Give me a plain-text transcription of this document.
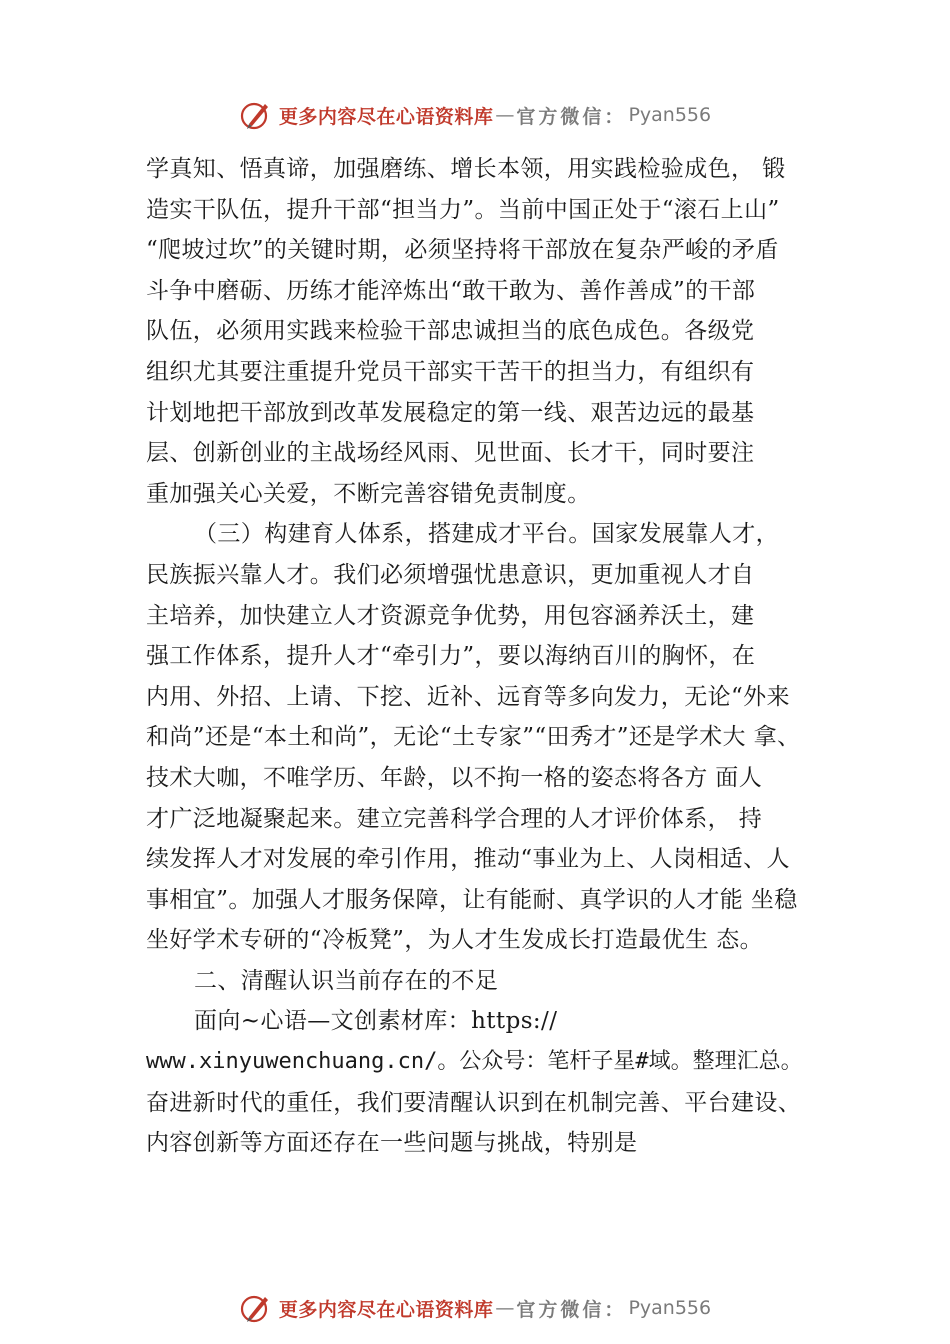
更多内容尽在心语资料库 — 官方微信： Pyan556
学真知、悟真谛，加强磨练、增长本领，用实践检验成色， 锻
造实干队伍，提升干部“担当力”。当前中国正处于“滚石上山”
“爬坡过坎”的关键时期，必须坚持将干部放在复杂严峻的矛盾
斗争中磨砺、历练才能淬炼出“敢干敢为、善作善成”的干部
队伍，必须用实践来检验干部忠诚担当的底色成色。各级党
组织尤其要注重提升党员干部实干苦干的担当力，有组织有
计划地把干部放到改革发展稳定的第一线、艰苦边远的最基
层、创新创业的主战场经风雨、见世面、长才干，同时要注
重加强关心关爱，不断完善容错免责制度。
（三）构建育人体系，搭建成才平台。国家发展靠人才，
民族振兴靠人才。我们必须增强忧患意识，更加重视人才自
主培养，加快建立人才资源竞争优势，用包容涵养沃土，建
强工作体系，提升人才“牵引力”，要以海纳百川的胸怀，在
内用、外招、上请、下挖、近补、远育等多向发力，无论“外来
和尚”还是“本土和尚”，无论“土专家”“田秀才”还是学术大 拿、
技术大咖，不唯学历、年龄，以不拘一格的姿态将各方 面人
才广泛地凝聚起来。建立完善科学合理的人才评价体系， 持
续发挥人才对发展的牵引作用，推动“事业为上、人岗相适、人
事相宜”。加强人才服务保障，让有能耐、真学识的人才能 坐稳
坐好学术专研的“冷板凳”，为人才生发成长打造最优生 态。
二、清醒认识当前存在的不足
面向~心语—文创素材库：https://
www.xinyuwenchuang.cn/。公众号：笔杆子星#域。整理汇总。
奋进新时代的重任，我们要清醒认识到在机制完善、平台建设、
内容创新等方面还存在一些问题与挑战，特别是
更多内容尽在心语资料库 — 官方微信： Pyan556
